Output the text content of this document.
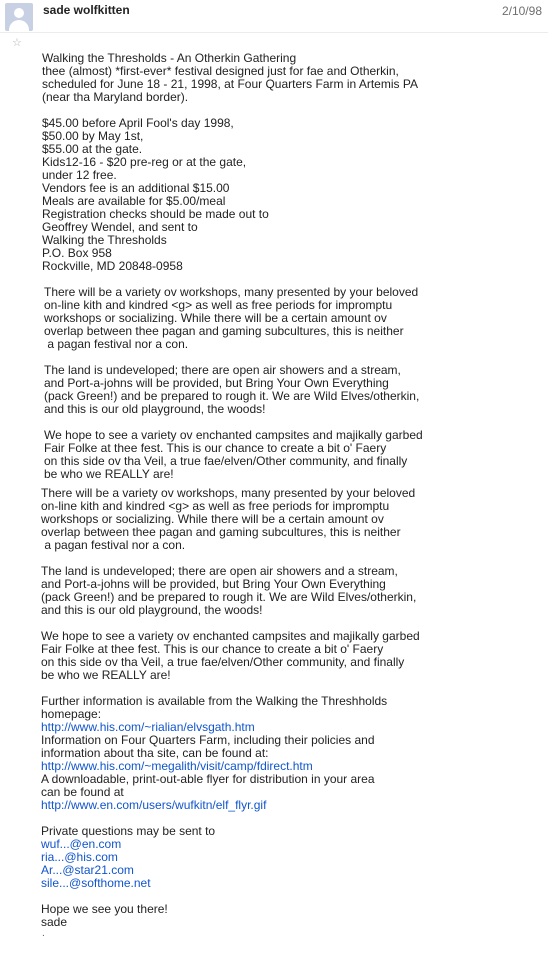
☆
sade wolfkitten	2/10/98
Walking the Thresholds - An Otherkin Gathering
thee (almost) *first-ever* festival designed just for fae and Otherkin,
scheduled for June 18 - 21, 1998, at Four Quarters Farm in Artemis PA
(near tha Maryland border).
$45.00 before April Fool's day 1998,
$50.00 by May 1st,
$55.00 at the gate.
Kids12-16 - $20 pre-reg or at the gate,
under 12 free.
Vendors fee is an additional $15.00
Meals are available for $5.00/meal
Registration checks should be made out to
Geoffrey Wendel, and sent to
Walking the Thresholds
P.O. Box 958
Rockville, MD 20848-0958
There will be a variety ov workshops, many presented by your beloved
on-line kith and kindred <g> as well as free periods for impromptu
workshops or socializing. While there will be a certain amount ov
overlap between thee pagan and gaming subcultures, this is neither
a pagan festival nor a con.
The land is undeveloped; there are open air showers and a stream,
and Port-a-johns will be provided, but Bring Your Own Everything
(pack Green!) and be prepared to rough it. We are Wild Elves/otherkin,
and this is our old playground, the woods!
We hope to see a variety ov enchanted campsites and majikally garbed
Fair Folke at thee fest. This is our chance to create a bit o' Faery
on this side ov tha Veil, a true fae/elven/Other community, and finally
be who we REALLY are!
There will be a variety ov workshops, many presented by your beloved
on-line kith and kindred <g> as well as free periods for impromptu
workshops or socializing. While there will be a certain amount ov
overlap between thee pagan and gaming subcultures, this is neither
a pagan festival nor a con.
The land is undeveloped; there are open air showers and a stream,
and Port-a-johns will be provided, but Bring Your Own Everything
(pack Green!) and be prepared to rough it. We are Wild Elves/otherkin,
and this is our old playground, the woods!
We hope to see a variety ov enchanted campsites and majikally garbed
Fair Folke at thee fest. This is our chance to create a bit o' Faery
on this side ov tha Veil, a true fae/elven/Other community, and finally
be who we REALLY are!
Further information is available from the Walking the Threshholds
homepage:
http://www.his.com/~rialian/elvsgath.htm
Information on Four Quarters Farm, including their policies and
information about tha site, can be found at:
http://www.his.com/~megalith/visit/camp/fdirect.htm
A downloadable, print-out-able flyer for distribution in your area
can be found at
http://www.en.com/users/wufkitn/elf_flyr.gif
Private questions may be sent to
wuf...@en.com
ria...@his.com
Ar...@star21.com
sile...@softhome.net
Hope we see you there!
sade
.
